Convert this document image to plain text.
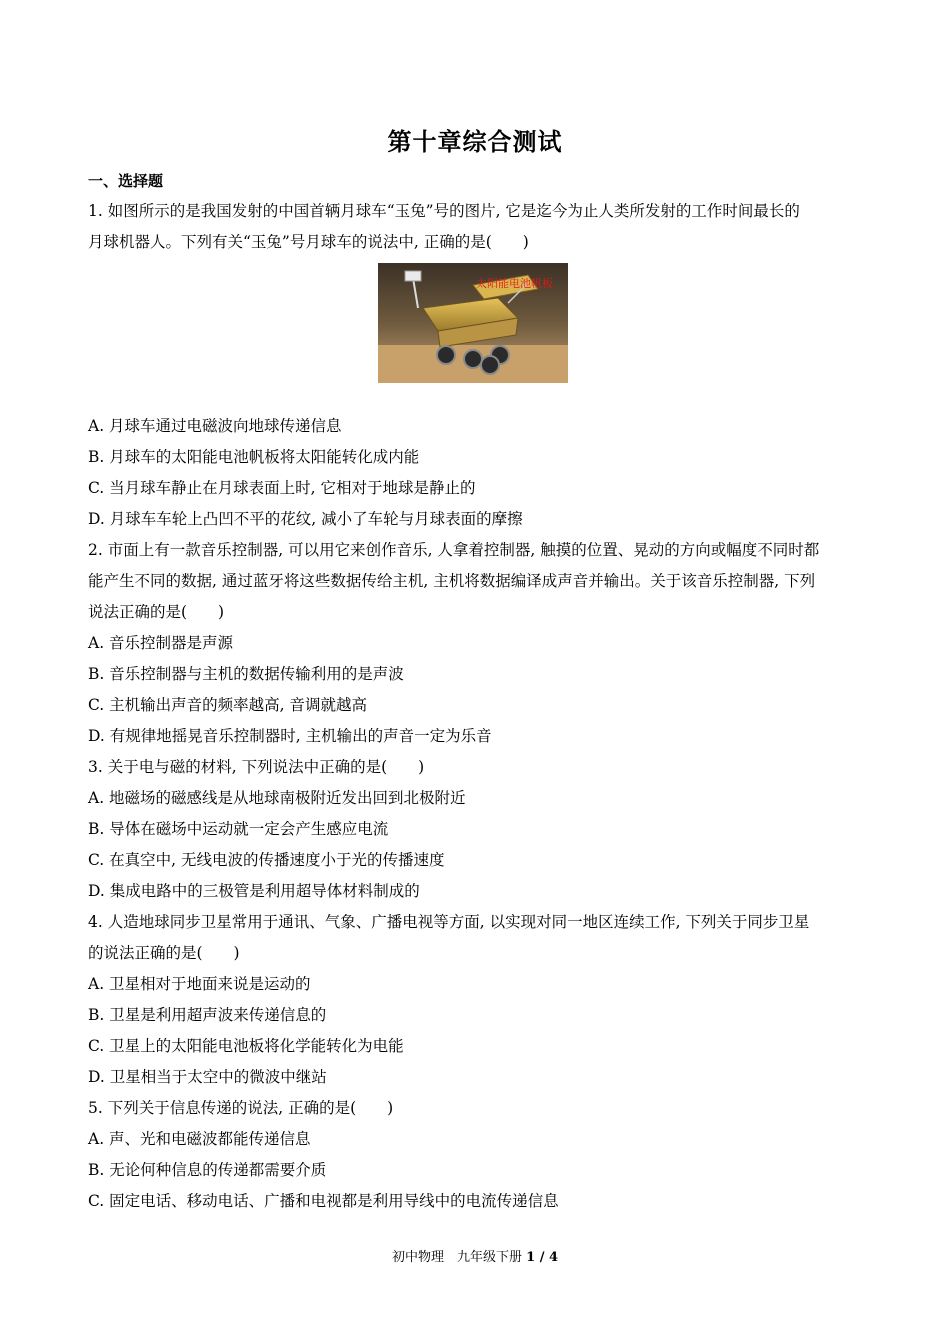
第十章综合测试
一、选择题
1. 如图所示的是我国发射的中国首辆月球车“玉兔”号的图片, 它是迄今为止人类所发射的工作时间最长的
月球机器人。下列有关“玉兔”号月球车的说法中, 正确的是(　　)
太阳能电池帆板
A. 月球车通过电磁波向地球传递信息
B. 月球车的太阳能电池帆板将太阳能转化成内能
C. 当月球车静止在月球表面上时, 它相对于地球是静止的
D. 月球车车轮上凸凹不平的花纹, 减小了车轮与月球表面的摩擦
2. 市面上有一款音乐控制器, 可以用它来创作音乐, 人拿着控制器, 触摸的位置、晃动的方向或幅度不同时都
能产生不同的数据, 通过蓝牙将这些数据传给主机, 主机将数据编译成声音并输出。关于该音乐控制器, 下列
说法正确的是(　　)
A. 音乐控制器是声源
B. 音乐控制器与主机的数据传输利用的是声波
C. 主机输出声音的频率越高, 音调就越高
D. 有规律地摇晃音乐控制器时, 主机输出的声音一定为乐音
3. 关于电与磁的材料, 下列说法中正确的是(　　)
A. 地磁场的磁感线是从地球南极附近发出回到北极附近
B. 导体在磁场中运动就一定会产生感应电流
C. 在真空中, 无线电波的传播速度小于光的传播速度
D. 集成电路中的三极管是利用超导体材料制成的
4. 人造地球同步卫星常用于通讯、气象、广播电视等方面, 以实现对同一地区连续工作, 下列关于同步卫星
的说法正确的是(　　)
A. 卫星相对于地面来说是运动的
B. 卫星是利用超声波来传递信息的
C. 卫星上的太阳能电池板将化学能转化为电能
D. 卫星相当于太空中的微波中继站
5. 下列关于信息传递的说法, 正确的是(　　)
A. 声、光和电磁波都能传递信息
B. 无论何种信息的传递都需要介质
C. 固定电话、移动电话、广播和电视都是利用导线中的电流传递信息
初中物理　九年级下册 1 / 4
